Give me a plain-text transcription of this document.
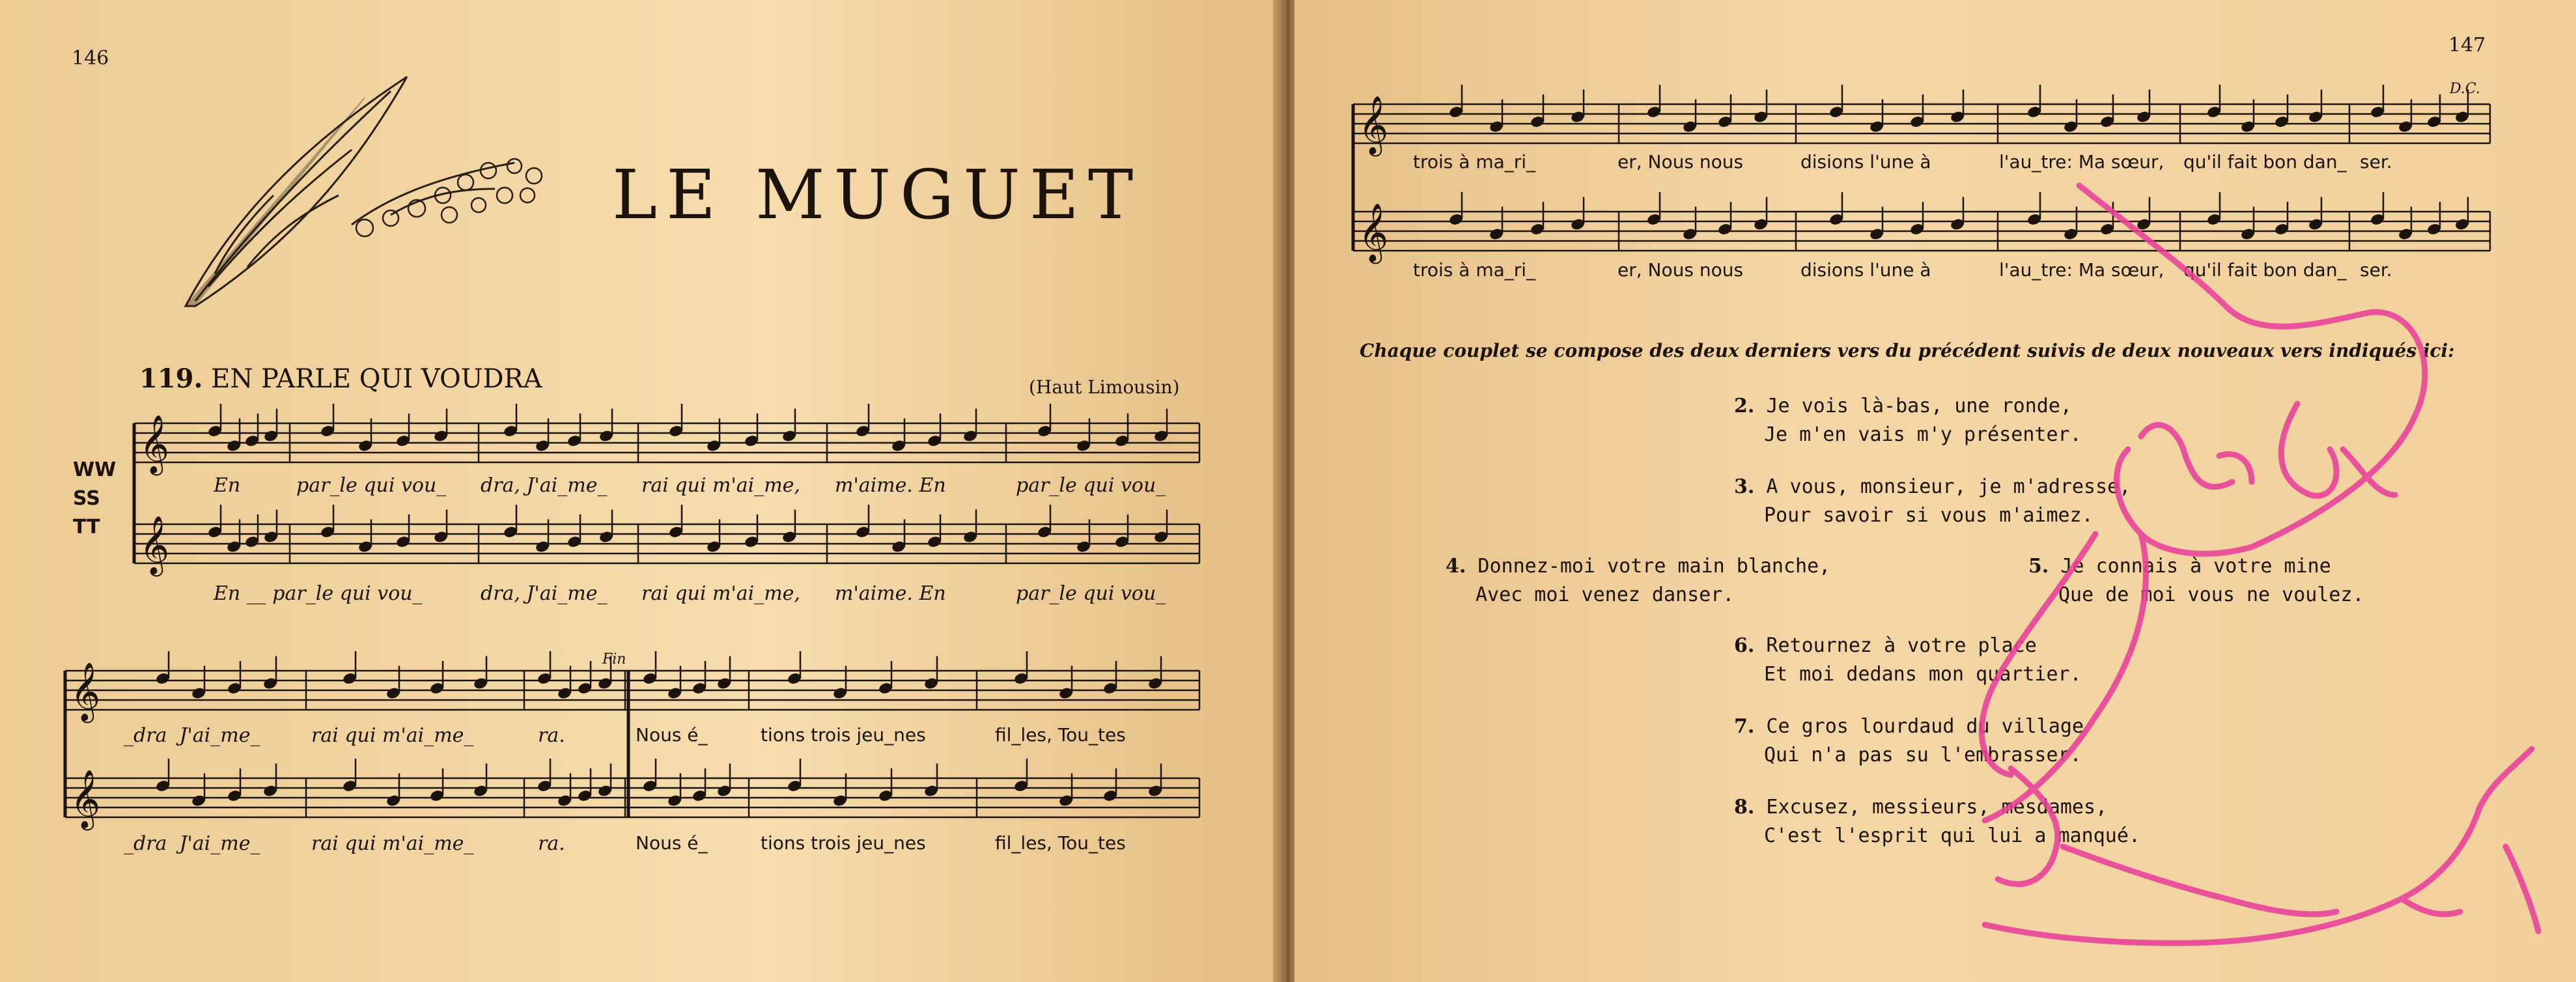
146
LE MUGUET
119. EN PARLE QUI VOUDRA	(Haut Limousin)
WW
SS
TT
𝄞
𝄞
𝄞
𝄞
Fin
En	par_le qui vou_ dra, J'ai_me_ rai qui m'ai_me, m'aime. En	par_le qui vou_
En __ par_le qui vou_	dra, J'ai_me_ rai qui m'ai_me, m'aime. En	par_le qui vou_
_dra  J'ai_me_	rai qui m'ai_me_	ra.	Nous é_	tions trois jeu_nes	fil_les, Tou_tes
_dra  J'ai_me_	rai qui m'ai_me_	ra.	Nous é_	tions trois jeu_nes	fil_les, Tou_tes
147
D.C.
𝄞
𝄞
trois à ma_ri_	er, Nous nous	disions l'une à	l'au_tre: Ma sœur, qu'il fait bon dan_ ser.
trois à ma_ri_	er, Nous nous	disions l'une à	l'au_tre: Ma sœur, qu'il fait bon dan_ ser.
Chaque couplet se compose des deux derniers vers du précédent suivis de deux nouveaux vers indiqués ici:
2. Je vois là-bas, une ronde,
Je m'en vais m'y présenter.
3. A vous, monsieur, je m'adresse,
Pour savoir si vous m'aimez.
4. Donnez-moi votre main blanche,
Avec moi venez danser.
5. Je connais à votre mine
Que de moi vous ne voulez.
6. Retournez à votre place
Et moi dedans mon quartier.
7. Ce gros lourdaud du village
Qui n'a pas su l'embrasser.
8. Excusez, messieurs, mesdames,
C'est l'esprit qui lui a manqué.
